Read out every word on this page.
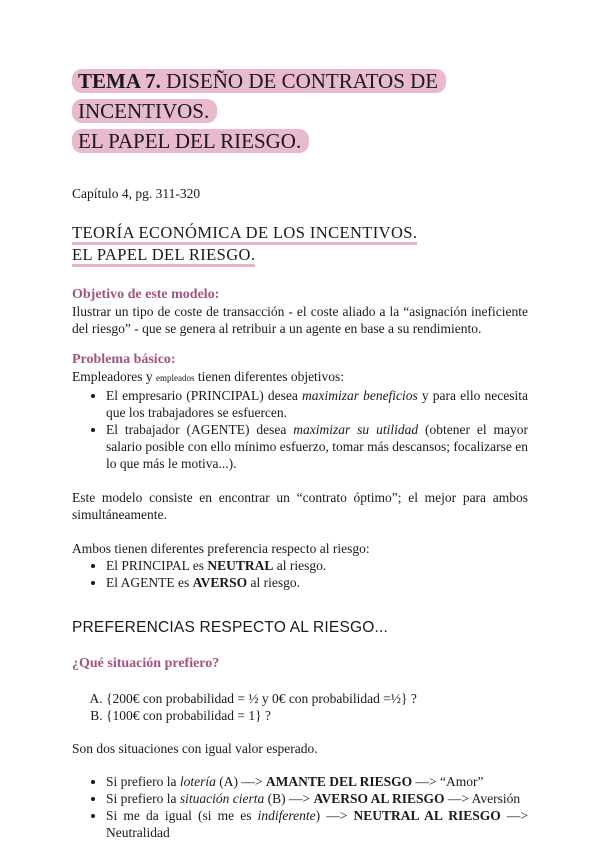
TEMA 7. DISEÑO DE CONTRATOS DE INCENTIVOS.
EL PAPEL DEL RIESGO.
Capítulo 4, pg. 311-320
TEORÍA ECONÓMICA DE LOS INCENTIVOS.
EL PAPEL DEL RIESGO.
Objetivo de este modelo:
Ilustrar un tipo de coste de transacción - el coste aliado a la “asignación ineficiente del riesgo” - que se genera al retribuir a un agente en base a su rendimiento.
Problema básico:
Empleadores y empleados tienen diferentes objetivos:
• El empresario (PRINCIPAL) desea maximizar beneficios y para ello necesita que los trabajadores se esfuercen.
• El trabajador (AGENTE) desea maximizar su utilidad (obtener el mayor salario posible con ello mínimo esfuerzo, tomar más descansos; focalizarse en lo que más le motiva...).
Este modelo consiste en encontrar un “contrato óptimo”; el mejor para ambos simultáneamente.
Ambos tienen diferentes preferencia respecto al riesgo:
• El PRINCIPAL es NEUTRAL al riesgo.
• El AGENTE es AVERSO al riesgo.
PREFERENCIAS RESPECTO AL RIESGO...
¿Qué situación prefiero?
A. {200€ con probabilidad = ½ y 0€ con probabilidad =½} ?
B. {100€ con probabilidad = 1} ?
Son dos situaciones con igual valor esperado.
• Si prefiero la lotería (A) —> AMANTE DEL RIESGO —> “Amor”
• Si prefiero la situación cierta (B) —> AVERSO AL RIESGO —> Aversión
• Si me da igual (si me es indiferente) —> NEUTRAL AL RIESGO —> Neutralidad
